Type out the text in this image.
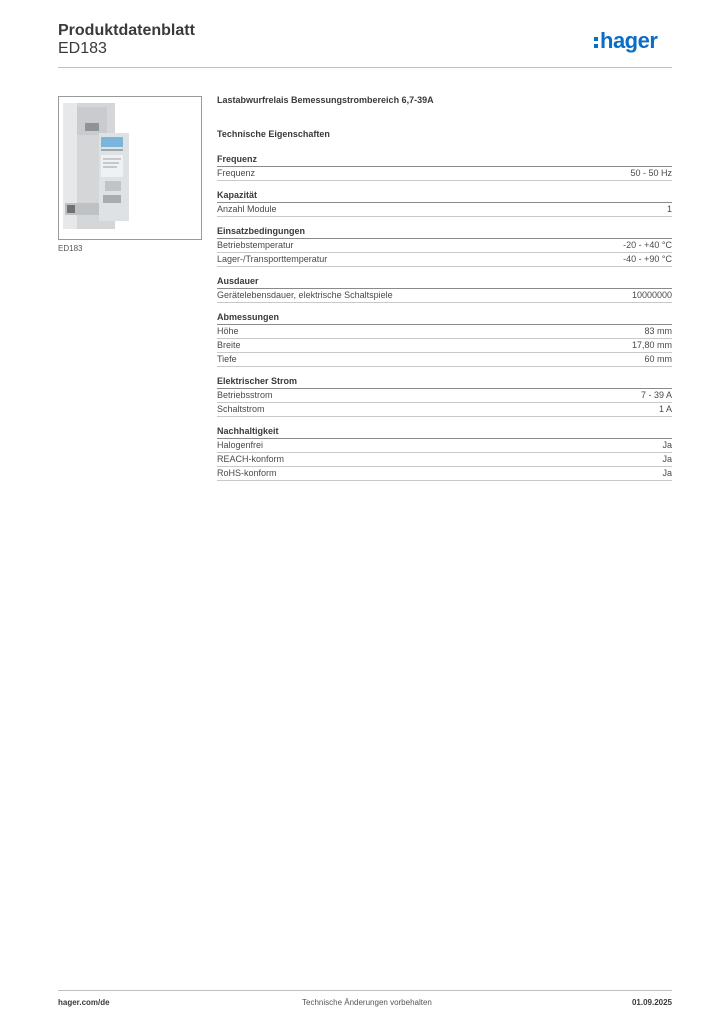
Produktdatenblatt
ED183	hager
ED183
Lastabwurfrelais Bemessungstrombereich 6,7-39A
Technische Eigenschaften
Frequenz
Frequenz	50 - 50 Hz
Kapazität
Anzahl Module	1
Einsatzbedingungen
Betriebstemperatur	-20 - +40 °C
Lager-/Transporttemperatur	-40 - +90 °C
Ausdauer
Gerätelebensdauer, elektrische Schaltspiele	10000000
Abmessungen
Höhe	83 mm
Breite	17,80 mm
Tiefe	60 mm
Elektrischer Strom
Betriebsstrom	7 - 39 A
Schaltstrom	1 A
Nachhaltigkeit
Halogenfrei	Ja
REACH-konform	Ja
RoHS-konform	Ja
hager.com/de	Technische Änderungen vorbehalten	01.09.2025
